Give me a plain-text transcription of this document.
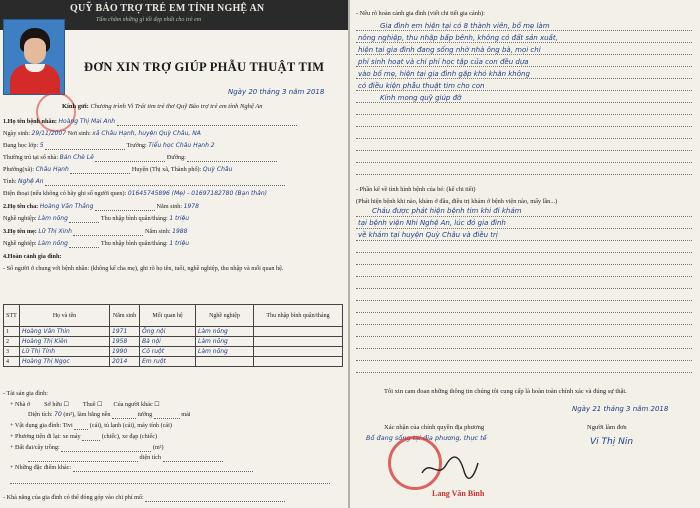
QUỸ BẢO TRỢ TRẺ EM TỈNH NGHỆ AN
Tấm chăm những gì tốt đẹp nhất cho trẻ em
ĐƠN XIN TRỢ GIÚP PHẪU THUẬT TIM
Ngày 20 tháng 3 năm 2018
Kính gửi: Chương trình Vì Trái tim trẻ thơ Quỹ Bảo trợ trẻ em tỉnh Nghệ An
1.Họ tên bệnh nhân: Hoàng Thị Mai Anh
Ngày sinh: 29/11/2007 Nơi sinh: xã Châu Hạnh, huyện Quỳ Châu, NA
Đang học lớp: 5	Trường: Tiểu học Châu Hạnh 2
Thường trú tại số nhà: Bản Chè Lê	Đường:
Phường(xã): Châu Hạnh	Huyện (Thị xã, Thành phố): Quỳ Châu
Tỉnh: Nghệ An
Điện thoại (nếu không có hãy ghi số người quen): 01645745896 (Mẹ) - 01697182780 (Bạn thân)
2.Họ tên cha: Hoàng Văn Thắng	Năm sinh: 1978
Nghề nghiệp: Làm nông	Thu nhập bình quân/tháng: 1 triệu
3.Họ tên mẹ: Lữ Thị Xinh	Năm sinh: 1988
Nghề nghiệp: Làm nông	Thu nhập bình quân/tháng: 1 triệu
4.Hoàn cảnh gia đình:
- Số người ở chung với bệnh nhân: (không kể cha mẹ), ghi rõ họ tên, tuổi, nghề nghiệp, thu nhập và mối quan hệ.
STT	Họ và tên	Năm sinh	Mối quan hệ	Nghề nghiệp	Thu nhập bình quân/tháng
1	Hoàng Văn Thìn	1971	Ông nội	Làm nông	
2	Hoàng Thị Kiên	1958	Bà nội	Làm nông	
3	Lữ Thị Tính	1990	Cô ruột	Làm nông	
4	Hoàng Thị Ngọc	2014	Em ruột		
- Tài sản gia đình:
+ Nhà ở Sở hữu ☐         Thuê ☐       Của người khác ☐
Diện tích: 70 (m²), làm bằng nền	tường	mái
+ Vật dụng gia đình: Tivi	(cái), tủ lạnh (cái), máy tính (cái)
+ Phương tiện đi lại: xe máy	(chiếc), xe đạp (chiếc)
+ Đất đai/cây trồng:	(m²)
diện tích
+ Những đặc điểm khác:
- Khả năng của gia đình có thể đóng góp vào chi phí mổ:
- Nêu rõ hoàn cảnh gia đình (viết chi tiết gia cảnh):
Gia đình em hiện tại có 8 thành viên, bố mẹ làm
nông nghiệp, thu nhập bấp bênh, không có đất sản xuất,
hiện tại gia đình đang sống nhờ nhà ông bà, mọi chi
phí sinh hoạt và chi phí học tập của con đều dựa
vào bố mẹ, hiện tại gia đình gặp khó khăn không
có điều kiện phẫu thuật tim cho con
Kính mong quỹ giúp đỡ
- Phần kể về tình hình bệnh của bé: (kể chi tiết)
(Phát hiện bệnh khi nào, khám ở đâu, điều trị khám ở bệnh viện nào, mấy lần...)
Cháu được phát hiện bệnh tim khi đi khám
tại bệnh viện Nhi Nghệ An, lúc đó gia đình
về khám tại huyện Quỳ Châu và điều trị
Tôi xin cam đoan những thông tin chúng tôi cung cấp là hoàn toàn chính xác và đúng sự thật.
Ngày 21 tháng 3 năm 2018
Xác nhận của chính quyền địa phương
Bố đang sống tại địa phương, thực tế
Người làm đơn
Vi Thị Nin
Lang Văn Bình
